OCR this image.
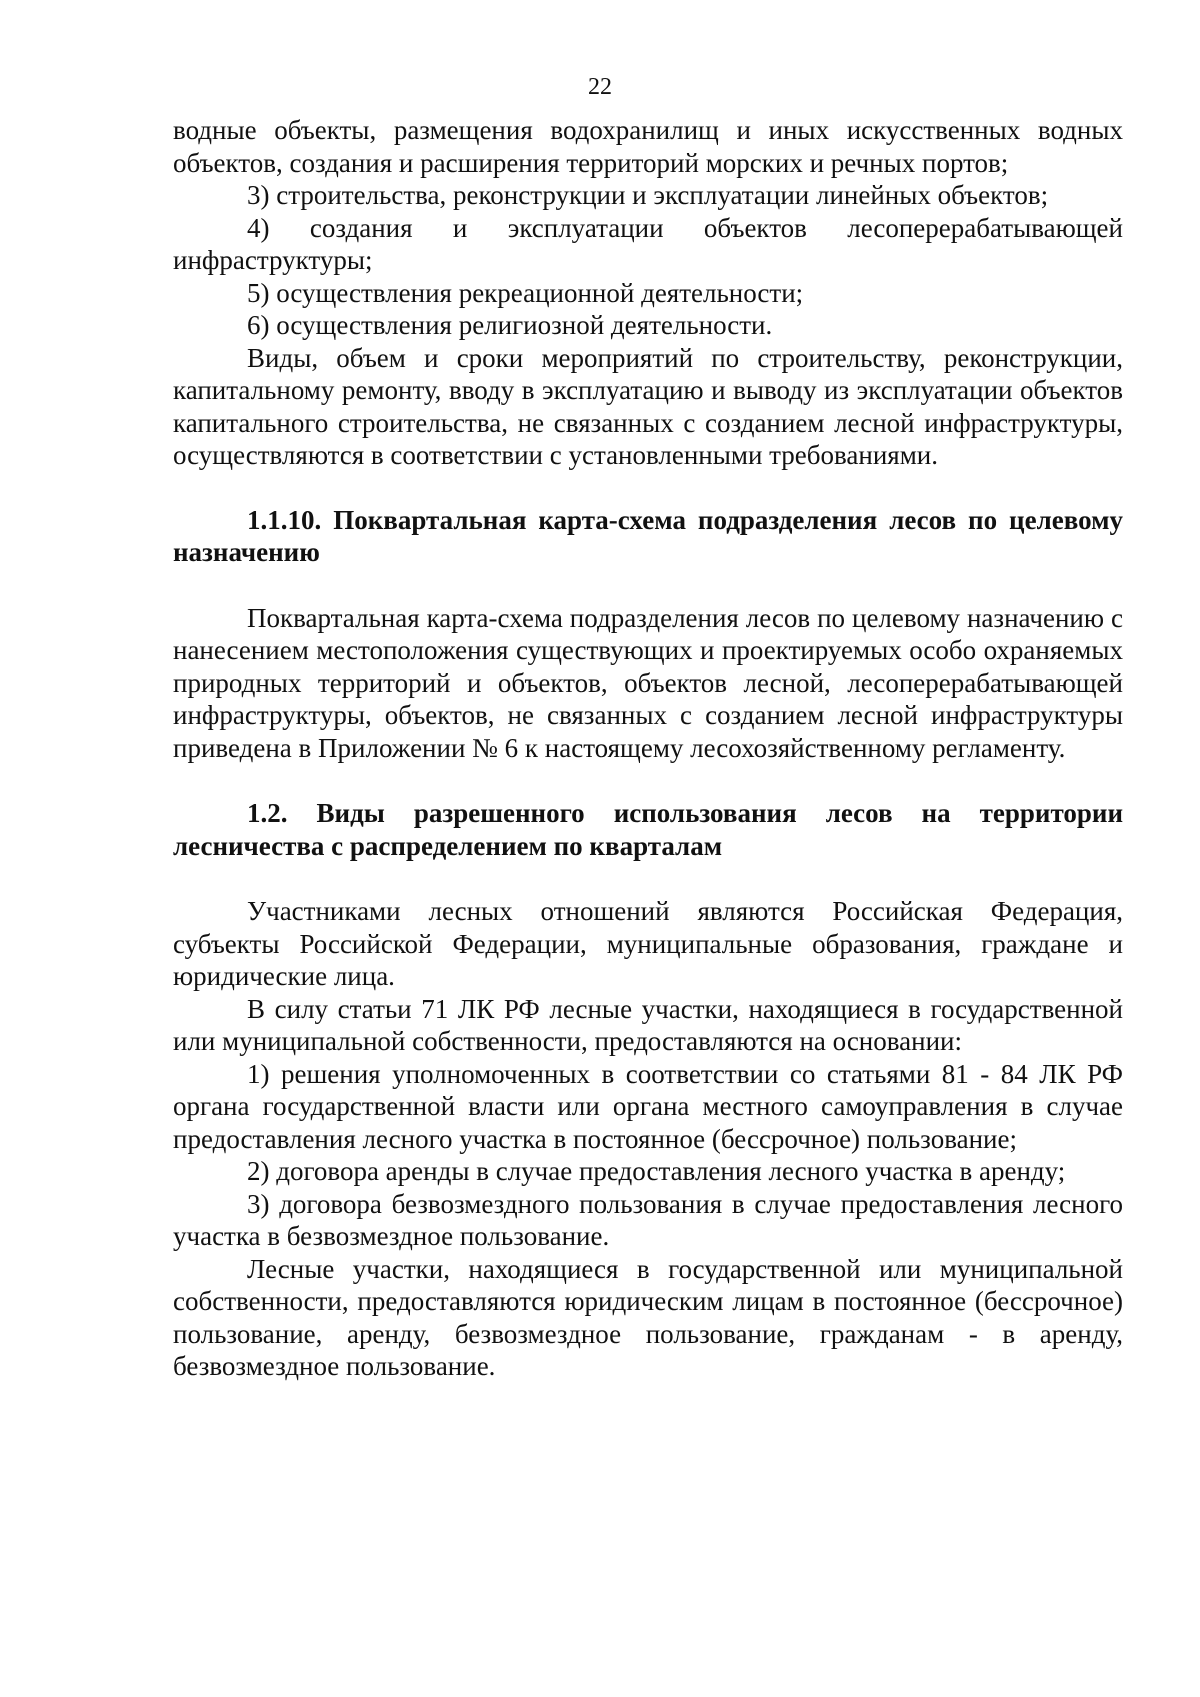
22

водные объекты, размещения водохранилищ и иных искусственных водных объектов, создания и расширения территорий морских и речных портов;

3) строительства, реконструкции и эксплуатации линейных объектов;

4) создания и эксплуатации объектов лесоперерабатывающей инфраструктуры;

5) осуществления рекреационной деятельности;

6) осуществления религиозной деятельности.

Виды, объем и сроки мероприятий по строительству, реконструкции, капитальному ремонту, вводу в эксплуатацию и выводу из эксплуатации объектов капитального строительства, не связанных с созданием лесной инфраструктуры, осуществляются в соответствии с установленными требованиями.

1.1.10. Поквартальная карта-схема подразделения лесов по целевому назначению

Поквартальная карта-схема подразделения лесов по целевому назначению с нанесением местоположения существующих и проектируемых особо охраняемых природных территорий и объектов, объектов лесной, лесоперерабатывающей инфраструктуры, объектов, не связанных с созданием лесной инфраструктуры приведена в Приложении № 6 к настоящему лесохозяйственному регламенту.

1.2. Виды разрешенного использования лесов на территории лесничества с распределением по кварталам

Участниками лесных отношений являются Российская Федерация, субъекты Российской Федерации, муниципальные образования, граждане и юридические лица.

В силу статьи 71 ЛК РФ лесные участки, находящиеся в государственной или муниципальной собственности, предоставляются на основании:

1) решения уполномоченных в соответствии со статьями 81 - 84 ЛК РФ органа государственной власти или органа местного самоуправления в случае предоставления лесного участка в постоянное (бессрочное) пользование;

2) договора аренды в случае предоставления лесного участка в аренду;

3) договора безвозмездного пользования в случае предоставления лесного участка в безвозмездное пользование.

Лесные участки, находящиеся в государственной или муниципальной собственности, предоставляются юридическим лицам в постоянное (бессрочное) пользование, аренду, безвозмездное пользование, гражданам - в аренду, безвозмездное пользование.
